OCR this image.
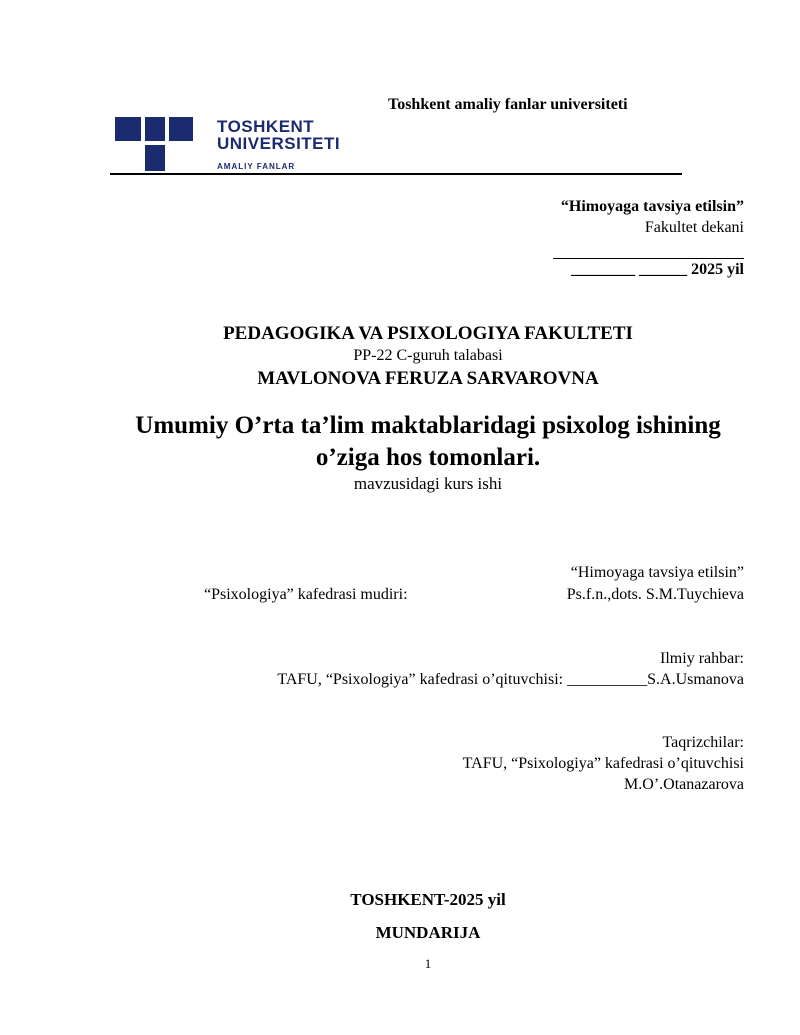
Toshkent amaliy fanlar universiteti
TOSHKENT
UNIVERSITETI
AMALIY FANLAR
“Himoyaga tavsiya etilsin”
Fakultet dekani
________ ______ 2025 yil
PEDAGOGIKA VA PSIXOLOGIYA FAKULTETI
PP-22 C-guruh talabasi
MAVLONOVA FERUZA SARVAROVNA
Umumiy O’rta ta’lim maktablaridagi psixolog ishining
o’ziga hos tomonlari.
mavzusidagi kurs ishi
“Himoyaga tavsiya etilsin”
“Psixologiya” kafedrasi mudiri:	Ps.f.n.,dots. S.M.Tuychieva
Ilmiy rahbar:
TAFU, “Psixologiya” kafedrasi o’qituvchisi: __________S.A.Usmanova
Taqrizchilar:
TAFU, “Psixologiya” kafedrasi o’qituvchisi
M.O’.Otanazarova
TOSHKENT-2025 yil
MUNDARIJA
1
